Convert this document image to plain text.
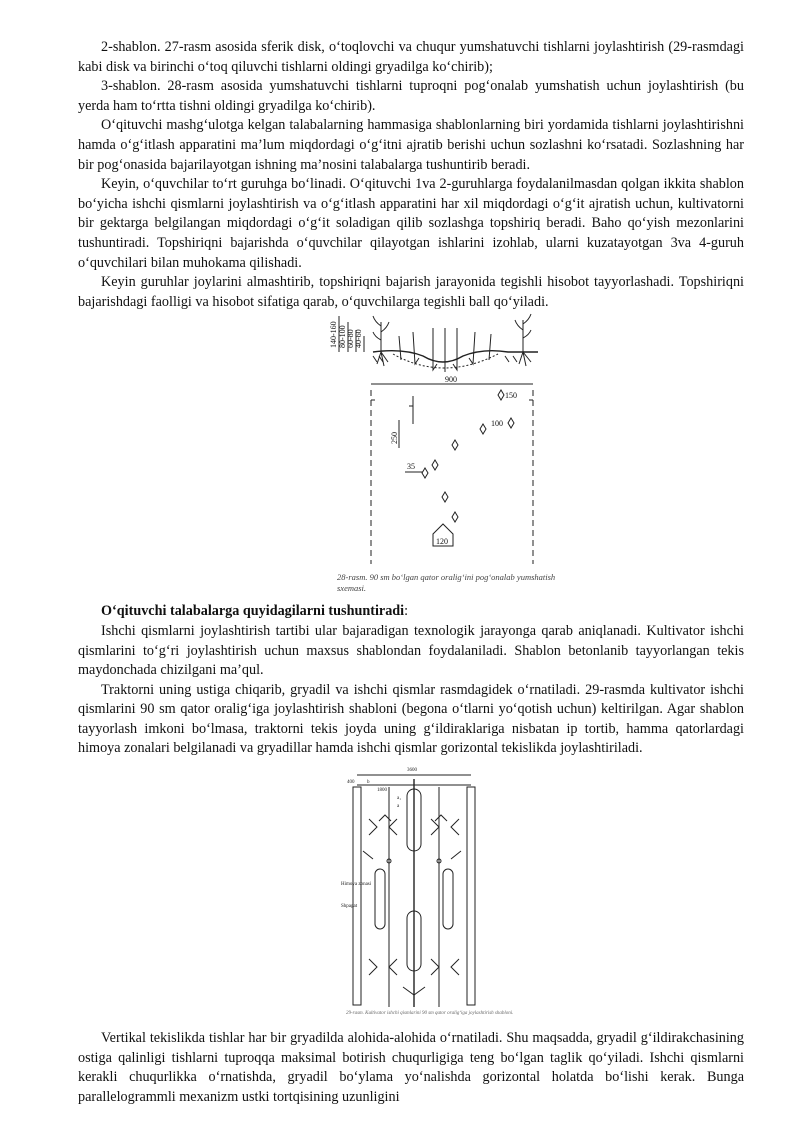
2-shablon. 27-rasm asosida sferik disk, o‘toqlovchi va chuqur yumshatuvchi tishlarni joylashtirish (29-rasmdagi kabi disk va birinchi o‘toq qiluvchi tishlarni oldingi gryadilga ko‘chirib);

3-shablon. 28-rasm asosida yumshatuvchi tishlarni tuproqni pog‘onalab yumshatish uchun joylashtirish (bu yerda ham to‘rtta tishni oldingi gryadilga ko‘chirib).

O‘qituvchi mashg‘ulotga kelgan talabalarning hammasiga shablonlarning biri yordamida tishlarni joylashtirishni hamda o‘g‘itlash apparatini ma’lum miqdordagi o‘g‘itni ajratib berishi uchun sozlashni ko‘rsatadi. Sozlashning har bir pog‘onasida bajarilayotgan ishning ma’nosini talabalarga tushuntirib beradi.

Keyin, o‘quvchilar to‘rt guruhga bo‘linadi. O‘qituvchi 1va 2-guruhlarga foydalanilmasdan qolgan ikkita shablon bo‘yicha ishchi qismlarni joylashtirish va o‘g‘itlash apparatini har xil miqdordagi o‘g‘it ajratish uchun, kultivatorni bir gektarga belgilangan miqdordagi o‘g‘it soladigan qilib sozlashga topshiriq beradi. Baho qo‘yish mezonlarini tushuntiradi. Topshiriqni bajarishda o‘quvchilar qilayotgan ishlarini izohlab, ularni kuzatayotgan 3va 4-guruh o‘quvchilari bilan muhokama qilishadi.

Keyin guruhlar joylarini almashtirib, topshiriqni bajarish jarayonida tegishli hisobot tayyorlashadi. Topshiriqni bajarishdagi faolligi va hisobot sifatiga qarab, o‘quvchilarga tegishli ball qo‘yiladi.

140-160 80-100 60-80 40-60
900
150
100
250
35
120
28-rasm. 90 sm bo‘lgan qator oralig‘ini pog‘onalab yumshatish sxemasi.

O‘qituvchi talabalarga quyidagilarni tushuntiradi:

Ishchi qismlarni joylashtirish tartibi ular bajaradigan texnologik jarayonga qarab aniqlanadi. Kultivator ishchi qismlarini to‘g‘ri joylashtirish uchun maxsus shablondan foydalaniladi. Shablon betonlanib tayyorlangan tekis maydonchada chizilgani ma’qul.

Traktorni uning ustiga chiqarib, gryadil va ishchi qismlar rasmdagidek o‘rnatiladi. 29-rasmda kultivator ishchi qismlarini 90 sm qator oralig‘iga joylashtirish shabloni (begona o‘tlarni yo‘qotish uchun) keltirilgan. Agar shablon tayyorlash imkoni bo‘lmasa, traktorni tekis joyda uning g‘ildiraklariga nisbatan ip tortib, hamma qatorlardagi himoya zonalari belgilanadi va gryadillar hamda ishchi qismlar gorizontal tekislikda joylashtiriladi.

3600
400	b
1800
a₁
a
Himoya zonasi
Shpagat
29-rasm. Kultivator ishchi qismlarini 90 sm qator oralig‘iga joylashtirish shabloni.

Vertikal tekislikda tishlar har bir gryadilda alohida-alohida o‘rnatiladi. Shu maqsadda, gryadil g‘ildirakchasining ostiga qalinligi tishlarni tuproqqa maksimal botirish chuqurligiga teng bo‘lgan taglik qo‘yiladi. Ishchi qismlarni kerakli chuqurlikka o‘rnatishda, gryadil bo‘ylama yo‘nalishda gorizontal holatda bo‘lishi kerak. Bunga parallelogrammli mexanizm ustki tortqisining uzunligini
